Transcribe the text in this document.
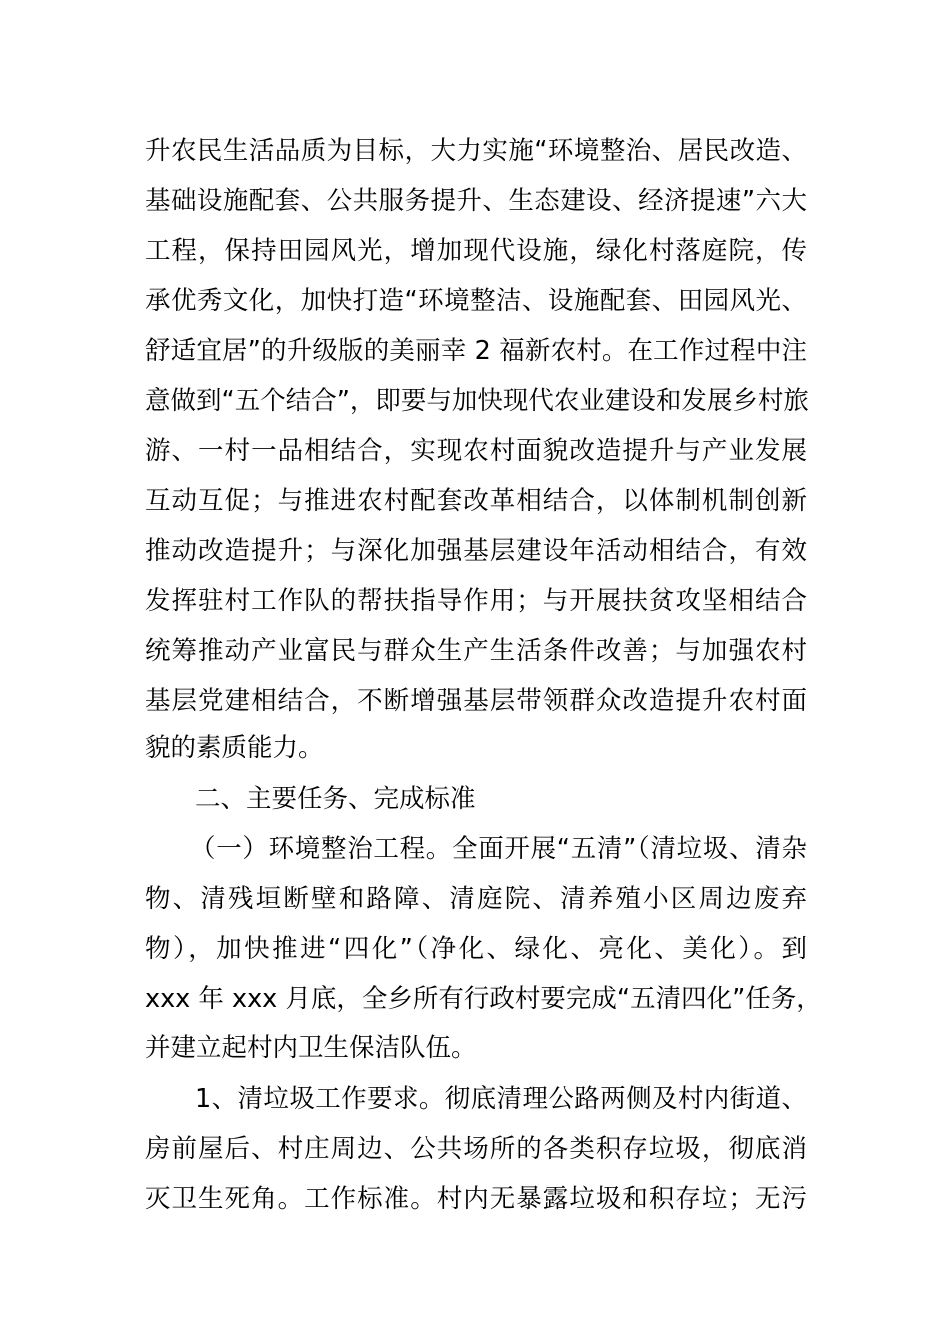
升农民生活品质为目标，大力实施“环境整治、居民改造、
基础设施配套、公共服务提升、生态建设、经济提速”六大
工程，保持田园风光，增加现代设施，绿化村落庭院，传
承优秀文化，加快打造“环境整洁、设施配套、田园风光、
舒适宜居”的升级版的美丽幸 2 福新农村。在工作过程中注
意做到“五个结合”，即要与加快现代农业建设和发展乡村旅
游、一村一品相结合，实现农村面貌改造提升与产业发展
互动互促；与推进农村配套改革相结合，以体制机制创新
推动改造提升；与深化加强基层建设年活动相结合，有效
发挥驻村工作队的帮扶指导作用；与开展扶贫攻坚相结合
统筹推动产业富民与群众生产生活条件改善；与加强农村
基层党建相结合，不断增强基层带领群众改造提升农村面
貌的素质能力。
二、主要任务、完成标准
（一）环境整治工程。全面开展“五清”（清垃圾、清杂
物、清残垣断壁和路障、清庭院、清养殖小区周边废弃
物），加快推进“四化”（净化、绿化、亮化、美化）。到
xxx 年 xxx 月底，全乡所有行政村要完成“五清四化”任务，
并建立起村内卫生保洁队伍。
1、清垃圾工作要求。彻底清理公路两侧及村内街道、
房前屋后、村庄周边、公共场所的各类积存垃圾，彻底消
灭卫生死角。工作标准。村内无暴露垃圾和积存垃；无污
